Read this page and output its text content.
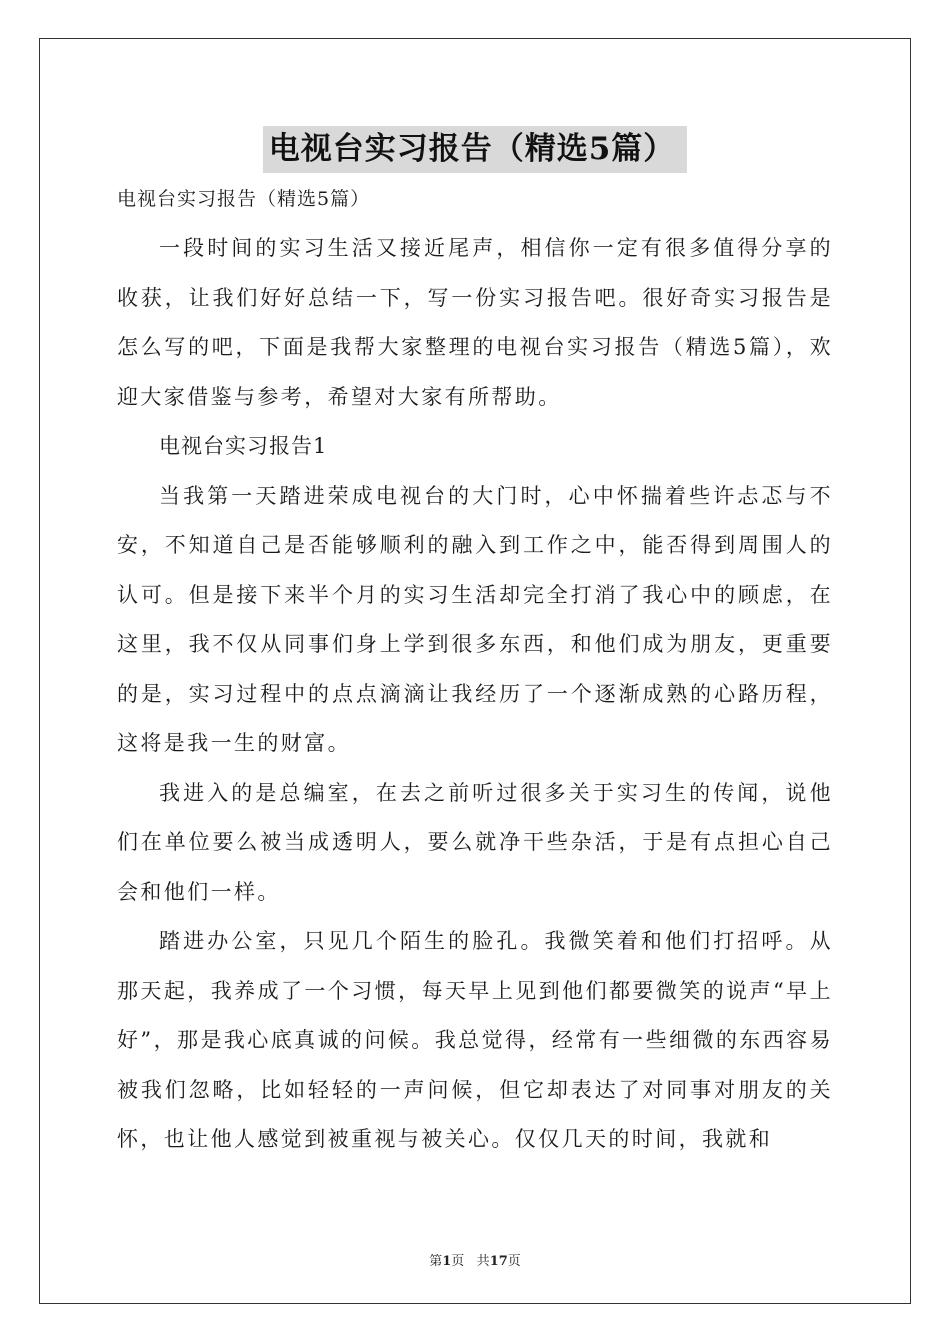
电视台实习报告（精选5篇）
电视台实习报告（精选5篇）

一段时间的实习生活又接近尾声，相信你一定有很多值得分享的收获，让我们好好总结一下，写一份实习报告吧。很好奇实习报告是怎么写的吧，下面是我帮大家整理的电视台实习报告（精选5篇），欢迎大家借鉴与参考，希望对大家有所帮助。

电视台实习报告1

当我第一天踏进荣成电视台的大门时，心中怀揣着些许忐忑与不安，不知道自己是否能够顺利的融入到工作之中，能否得到周围人的认可。但是接下来半个月的实习生活却完全打消了我心中的顾虑，在这里，我不仅从同事们身上学到很多东西，和他们成为朋友，更重要的是，实习过程中的点点滴滴让我经历了一个逐渐成熟的心路历程，这将是我一生的财富。

我进入的是总编室，在去之前听过很多关于实习生的传闻，说他们在单位要么被当成透明人，要么就净干些杂活，于是有点担心自己会和他们一样。

踏进办公室，只见几个陌生的脸孔。我微笑着和他们打招呼。从那天起，我养成了一个习惯，每天早上见到他们都要微笑的说声“早上好”，那是我心底真诚的问候。我总觉得，经常有一些细微的东西容易被我们忽略，比如轻轻的一声问候，但它却表达了对同事对朋友的关怀，也让他人感觉到被重视与被关心。仅仅几天的时间，我就和

第1页 共17页
